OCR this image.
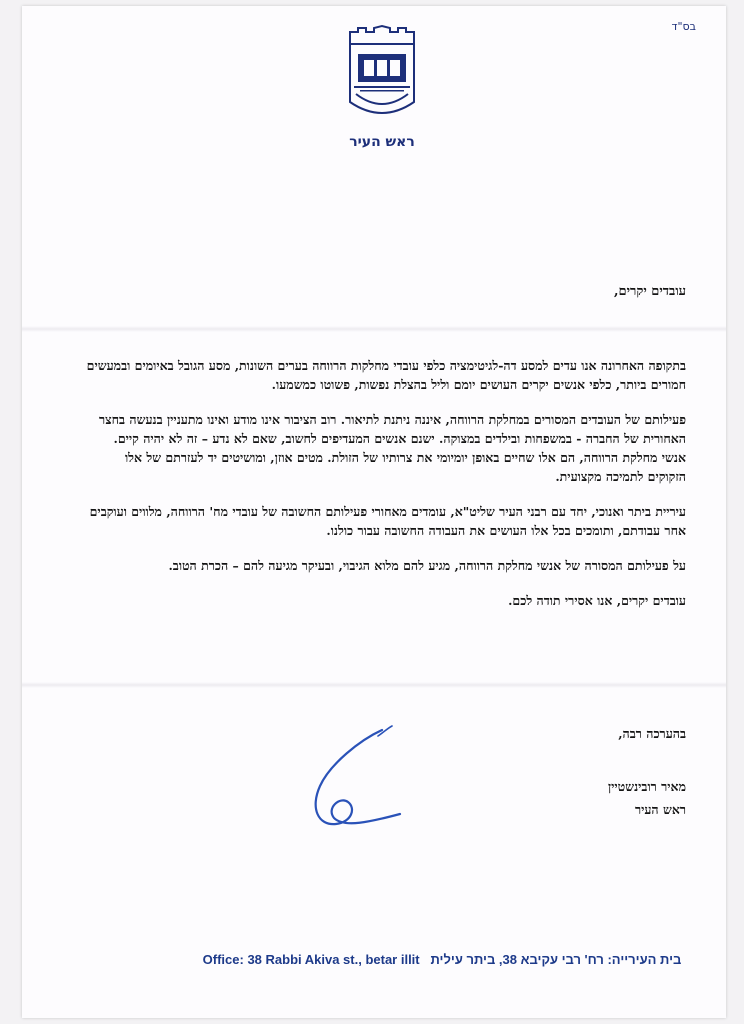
בס"ד
ראש העיר
עובדים יקרים,

בתקופה האחרונה אנו עדים למסע דה-לגיטימציה כלפי עובדי מחלקות הרווחה בערים השונות, מסע הגובל באיומים ובמעשים חמורים ביותר, כלפי אנשים יקרים העושים יומם וליל בהצלת נפשות, פשוטו כמשמעו.

פעילותם של העובדים המסורים במחלקת הרווחה, איננה ניתנת לתיאור. רוב הציבור אינו מודע ואינו מתעניין בנעשה בחצר האחורית של החברה - במשפחות ובילדים במצוקה. ישנם אנשים המעדיפים לחשוב, שאם לא נדע – זה לא יהיה קיים. אנשי מחלקת הרווחה, הם אלו שחיים באופן יומיומי את צרותיו של הזולת. מטים אוזן, ומושיטים יד לעזרתם של אלו הזקוקים לתמיכה מקצועית.

עיריית ביתר ואנוכי, יחד עם רבני העיר שליט"א, עומדים מאחורי פעילותם החשובה של עובדי מח' הרווחה, מלווים ועוקבים אחר עבודתם, ותומכים בכל אלו העושים את העבודה החשובה עבור כולנו.

על פעילותם המסורה של אנשי מחלקת הרווחה, מגיע להם מלוא הגיבוי, ובעיקר מגיעה להם – הכרת הטוב.

עובדים יקרים, אנו אסירי תודה לכם.

בהערכה רבה,
מאיר רובינשטיין
ראש העיר
בית העירייה: רח' רבי עקיבא 38, ביתר עילית   Office: 38 Rabbi Akiva st., betar illit
